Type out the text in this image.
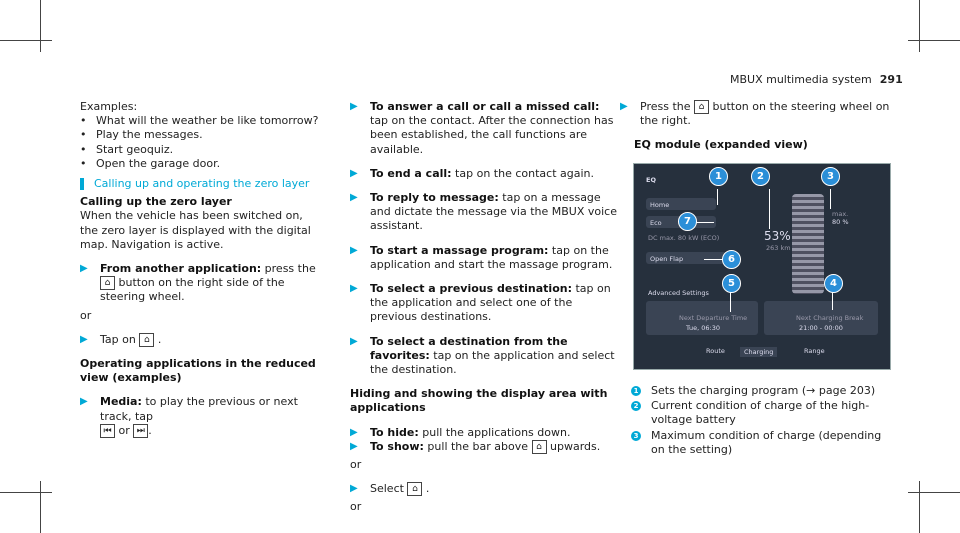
MBUX multimedia system 291

Examples:

• What will the weather be like tomorrow?

• Play the messages.

• Start geoquiz.

• Open the garage door.

Calling up and operating the zero layer

Calling up the zero layer

When the vehicle has been switched on, the zero layer is displayed with the digital map. Navigation is active.

▶	From another application: press the ⌂ button on the right side of the steering wheel.

or

▶	Tap on ⌂ .

Operating applications in the reduced view (examples)

▶	Media: to play the previous or next track, tap
⏮ or ⏭ .
▶	To answer a call or call a missed call: tap on the contact. After the connection has been established, the call functions are available.
▶	To end a call: tap on the contact again.
▶	To reply to message: tap on a message and dictate the message via the MBUX voice assistant.
▶	To start a massage program: tap on the application and start the massage program.
▶	To select a previous destination: tap on the application and select one of the previous destinations.
▶	To select a destination from the favorites: tap on the application and select the destination.

Hiding and showing the display area with applications

▶	To hide: pull the applications down.
▶	To show: pull the bar above ⌂ upwards.

or

▶	Select ⌂ .

or

▶	Press the ⌂ button on the steering wheel on the right.

EQ module (expanded view)

EQ
Home
Eco
DC max. 80 kW (ECO)	53%
263 km
max.
80 %
Open Flap
Advanced Settings
Next Departure Time
Tue, 06:30
Next Charging Break
21:00 - 00:00
Route	Charging	Range
1	2	3
4
5
6
7
1 Sets the charging program (→ page 203)
2 Current condition of charge of the high-voltage battery
3 Maximum condition of charge (depending on the setting)
